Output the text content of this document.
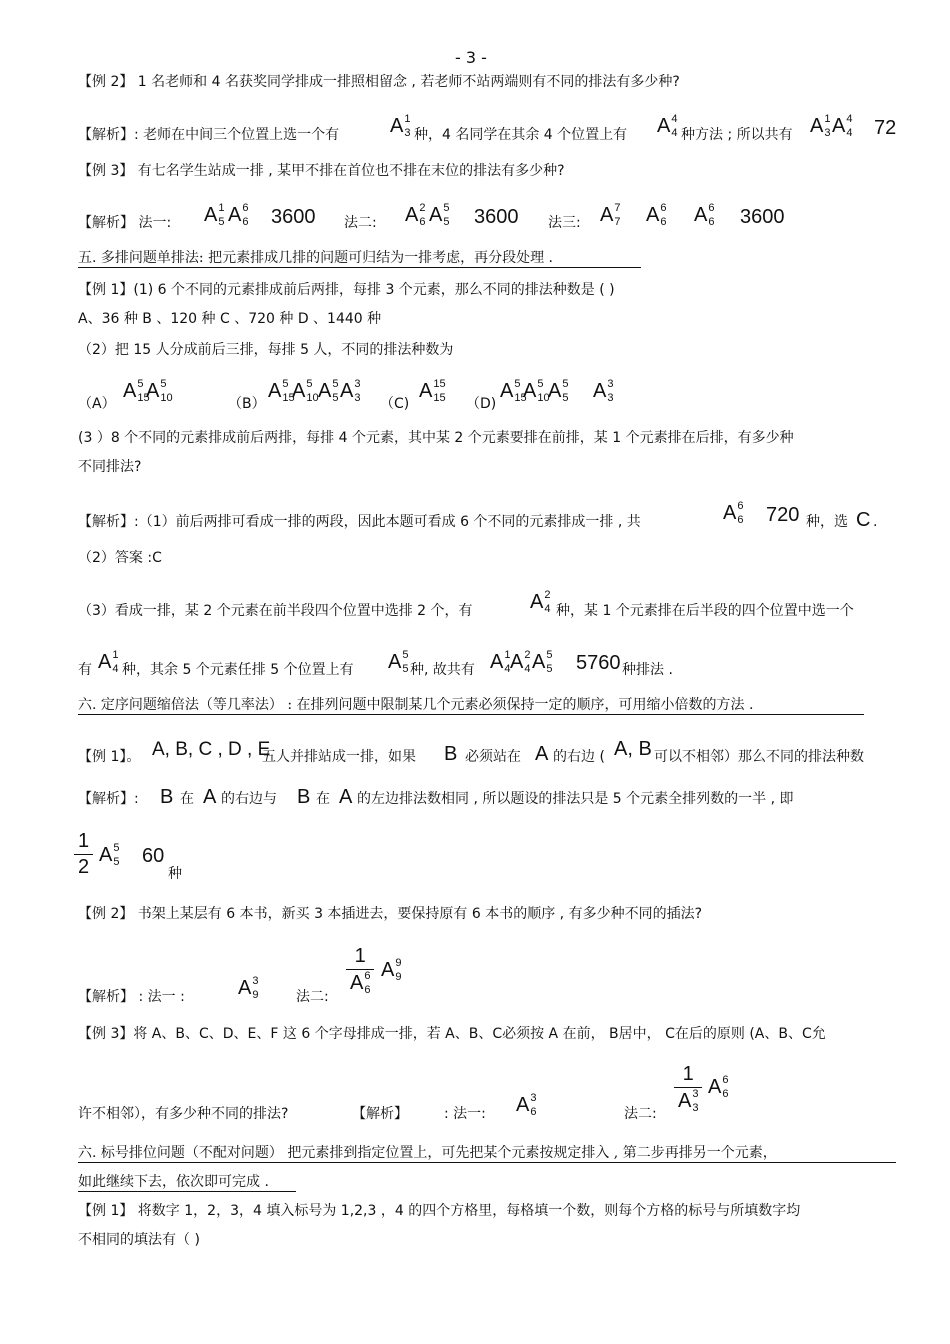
- 3 -
【例 2】 1 名老师和 4 名获奖同学排成一排照相留念 , 若老师不站两端则有不同的排法有多少种?
【解析】: 老师在中间三个位置上选一个有	A 1
3 种，4 名同学在其余 4 个位置上有 A 4
4 种方法 ; 所以共有 A 1
3 A 4
4 72
【例 3】 有七名学生站成一排 , 某甲不排在首位也不排在末位的排法有多少种?
【解析】 法一: A 1
5 A 6
6 3600 法二: A 2
6 A 5
5 3600 法三: A 7
7 A 6
6 A 6
6 3600
五. 多排问题单排法: 把元素排成几排的问题可归结为一排考虑，再分段处理 .
【例 1】(1) 6 个不同的元素排成前后两排，每排 3 个元素，那么不同的排法种数是 ( )
A、36 种 B 、120 种 C 、720 种 D 、1440 种
（2）把 15 人分成前后三排，每排 5 人，不同的排法种数为
（A）
A 5
15
A 5
10	（B）
A 5
15
A 5
10 A 5
5 A 3
3 （C)
A 15
15 （D)
A 5
15
A 5
10
A 5
5 A 3
3
(3 ）8 个不同的元素排成前后两排，每排 4 个元素，其中某 2 个元素要排在前排，某 1 个元素排在后排，有多少种
不同排法?
【解析】:（1）前后两排可看成一排的两段，因此本题可看成 6 个不同的元素排成一排 , 共	A 6
6 720 种，选 C .
（2）答案 :C
（3）看成一排，某 2 个元素在前半段四个位置中选排 2 个，有	A 2
4 种，某 1 个元素排在后半段的四个位置中选一个
有 A 1
4 种，其余 5 个元素任排 5 个位置上有 A 5
5 种, 故共有 A 1
4 A 2
4 A 5
5 5760 种排法 .
六. 定序问题缩倍法（等几率法） : 在排列问题中限制某几个元素必须保持一定的顺序，可用缩小倍数的方法 .
【例 1】。 A, B, C , D , E
五人并排站成一排，如果 B 必须站在 A 的右边 ( A, B 可以不相邻）那么不同的排法种数
【解析】: B 在 A 的右边与 B 在 A 的左边排法数相同 , 所以题设的排法只是 5 个元素全排列数的一半 , 即
1
2
A 5
5 60
种
【例 2】 书架上某层有 6 本书，新买 3 本插进去，要保持原有 6 本书的顺序 , 有多少种不同的插法?
【解析】 : 法一 :	A 3
9	法二:
1
A 6
6
A 9
9
【例 3】将 A、B、C、D、E、F 这 6 个字母排成一排，若 A、B、C必须按 A 在前， B居中， C在后的原则 (A、B、C允
许不相邻），有多少种不同的排法?	【解析】	: 法一: A 3
6	法二:
1
A 3
3
A 6
6
六. 标号排位问题（不配对问题） 把元素排到指定位置上，可先把某个元素按规定排入 , 第二步再排另一个元素，
如此继续下去，依次即可完成 .
【例 1】 将数字 1，2，3，4 填入标号为 1,2,3 ，4 的四个方格里，每格填一个数，则每个方格的标号与所填数字均
不相同的填法有（ )
